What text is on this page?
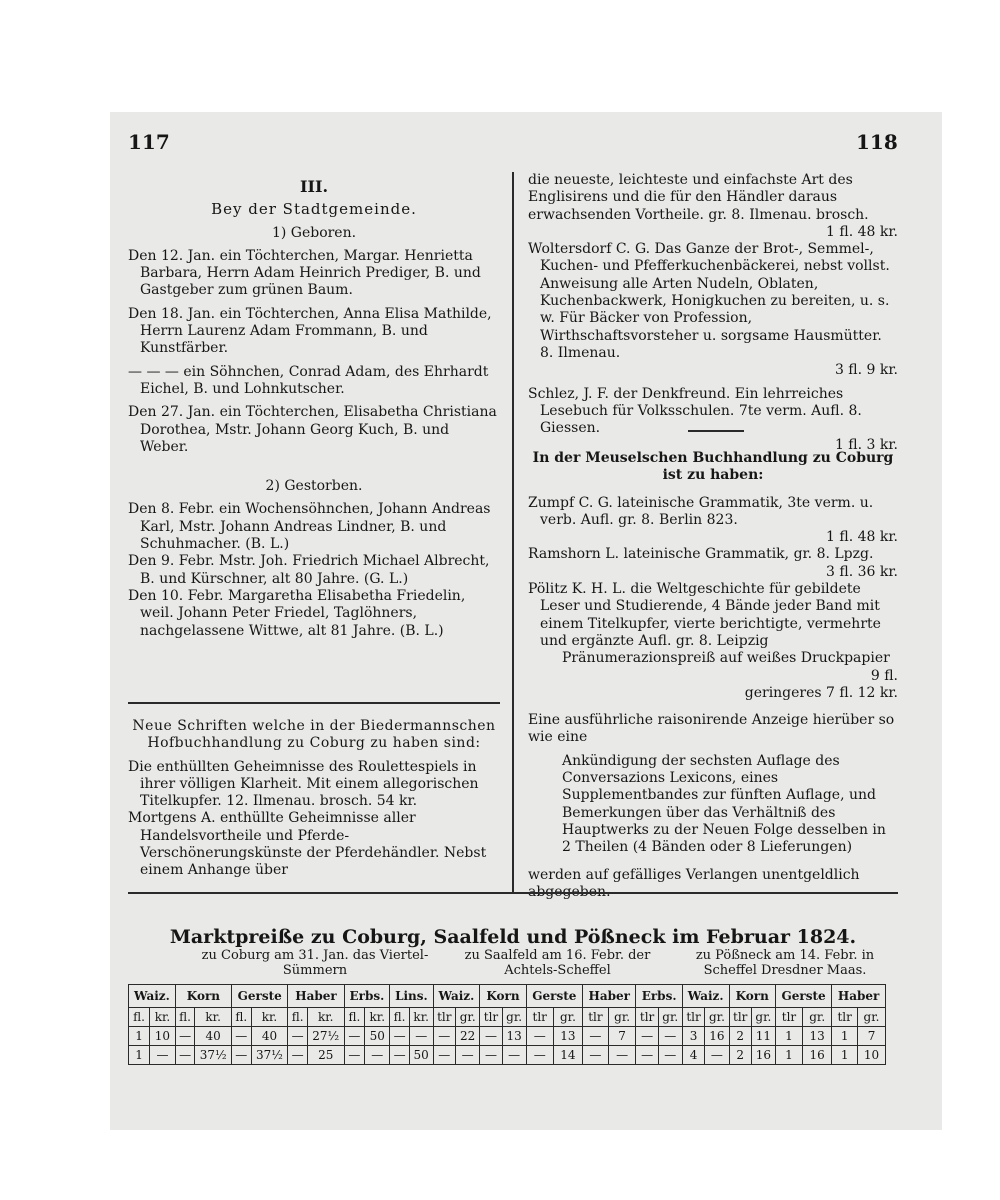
117	118

III.

Bey der Stadtgemeinde.

1) Geboren.

Den 12. Jan. ein Töchterchen, Margar. Henrietta Barbara, Herrn Adam Heinrich Prediger, B. und Gastgeber zum grünen Baum.

Den 18. Jan. ein Töchterchen, Anna Elisa Mathilde, Herrn Laurenz Adam Frommann, B. und Kunstfärber.

— — — ein Söhnchen, Conrad Adam, des Ehrhardt Eichel, B. und Lohnkutscher.

Den 27. Jan. ein Töchterchen, Elisabetha Christiana Dorothea, Mstr. Johann Georg Kuch, B. und Weber.

2) Gestorben.

Den 8. Febr. ein Wochensöhnchen, Johann Andreas Karl, Mstr. Johann Andreas Lindner, B. und Schuhmacher. (B. L.)

Den 9. Febr. Mstr. Joh. Friedrich Michael Albrecht, B. und Kürschner, alt 80 Jahre. (G. L.)

Den 10. Febr. Margaretha Elisabetha Friedelin, weil. Johann Peter Friedel, Taglöhners, nachgelassene Wittwe, alt 81 Jahre. (B. L.)

Neue Schriften welche in der Biedermannschen Hofbuchhandlung zu Coburg zu haben sind:

Die enthüllten Geheimnisse des Roulettespiels in ihrer völligen Klarheit. Mit einem allegorischen Titelkupfer. 12. Ilmenau. brosch. 54 kr.

Mortgens A. enthüllte Geheimnisse aller Handelsvortheile und Pferde-Verschönerungskünste der Pferdehändler. Nebst einem Anhange über

die neueste, leichteste und einfachste Art des Englisirens und die für den Händler daraus erwachsenden Vortheile. gr. 8. Ilmenau. brosch.

1 fl. 48 kr.

Woltersdorf C. G. Das Ganze der Brot-, Semmel-, Kuchen- und Pfefferkuchenbäckerei, nebst vollst. Anweisung alle Arten Nudeln, Oblaten, Kuchenbackwerk, Honigkuchen zu bereiten, u. s. w. Für Bäcker von Profession, Wirthschaftsvorsteher u. sorgsame Hausmütter. 8. Ilmenau.

3 fl. 9 kr.

Schlez, J. F. der Denkfreund. Ein lehrreiches Lesebuch für Volksschulen. 7te verm. Aufl. 8. Giessen.

1 fl. 3 kr.

In der Meuselschen Buchhandlung zu Coburg ist zu haben:

Zumpf C. G. lateinische Grammatik, 3te verm. u. verb. Aufl. gr. 8. Berlin 823.

1 fl. 48 kr.

Ramshorn L. lateinische Grammatik, gr. 8. Lpzg.

3 fl. 36 kr.

Pölitz K. H. L. die Weltgeschichte für gebildete Leser und Studierende, 4 Bände jeder Band mit einem Titelkupfer, vierte berichtigte, vermehrte und ergänzte Aufl. gr. 8. Leipzig

Pränumerazionspreiß auf weißes Druckpapier

9 fl.

geringeres 7 fl. 12 kr.

Eine ausführliche raisonirende Anzeige hierüber so wie eine

Ankündigung der sechsten Auflage des Conversazions Lexicons, eines Supplementbandes zur fünften Auflage, und Bemerkungen über das Verhältniß des Hauptwerks zu der Neuen Folge desselben in 2 Theilen (4 Bänden oder 8 Lieferungen)

werden auf gefälliges Verlangen unentgeldlich abgegeben.

Marktpreiße zu Coburg, Saalfeld und Pößneck im Februar 1824.
zu Coburg am 31. Jan. das Viertel-Sümmern
zu Saalfeld am 16. Febr. der Achtels-Scheffel
zu Pößneck am 14. Febr. in Scheffel Dresdner Maas.
Waiz.		Korn		Gerste		Haber		Erbs.		Lins.		Waiz.		Korn		Gerste		Haber		Erbs.		Waiz.		Korn		Gerste		Haber	
fl.	kr.	fl.	kr.	fl.	kr.	fl.	kr.	fl.	kr.	fl.	kr.	tlr	gr.	tlr	gr.	tlr	gr.	tlr	gr.	tlr	gr.	tlr	gr.	tlr	gr.	tlr	gr.	tlr	gr.
1	10	—	40	—	40	—	27½	—	50	—	—	—	22	—	13	—	13	—	7	—	—	3	16	2	11	1	13	1	7
1	—	—	37½	—	37½	—	25	—	—	—	50	—	—	—	—	—	14	—	—	—	—	4	—	2	16	1	16	1	10
